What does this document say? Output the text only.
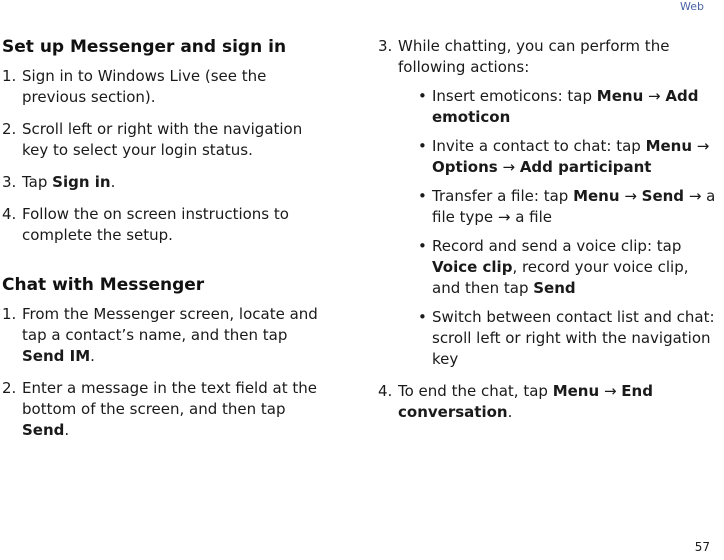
Web
Set up Messenger and sign in
1. Sign in to Windows Live (see the previous section).
2. Scroll left or right with the navigation key to select your login status.
3. Tap Sign in.
4. Follow the on screen instructions to complete the setup.
Chat with Messenger
1. From the Messenger screen, locate and tap a contact’s name, and then tap Send IM.
2. Enter a message in the text field at the bottom of the screen, and then tap Send.
3. While chatting, you can perform the following actions:
• Insert emoticons: tap Menu → Add emoticon
• Invite a contact to chat: tap Menu → Options → Add participant
• Transfer a file: tap Menu → Send → a file type → a file
• Record and send a voice clip: tap Voice clip, record your voice clip, and then tap Send
• Switch between contact list and chat: scroll left or right with the navigation key
4. To end the chat, tap Menu → End conversation.
57
